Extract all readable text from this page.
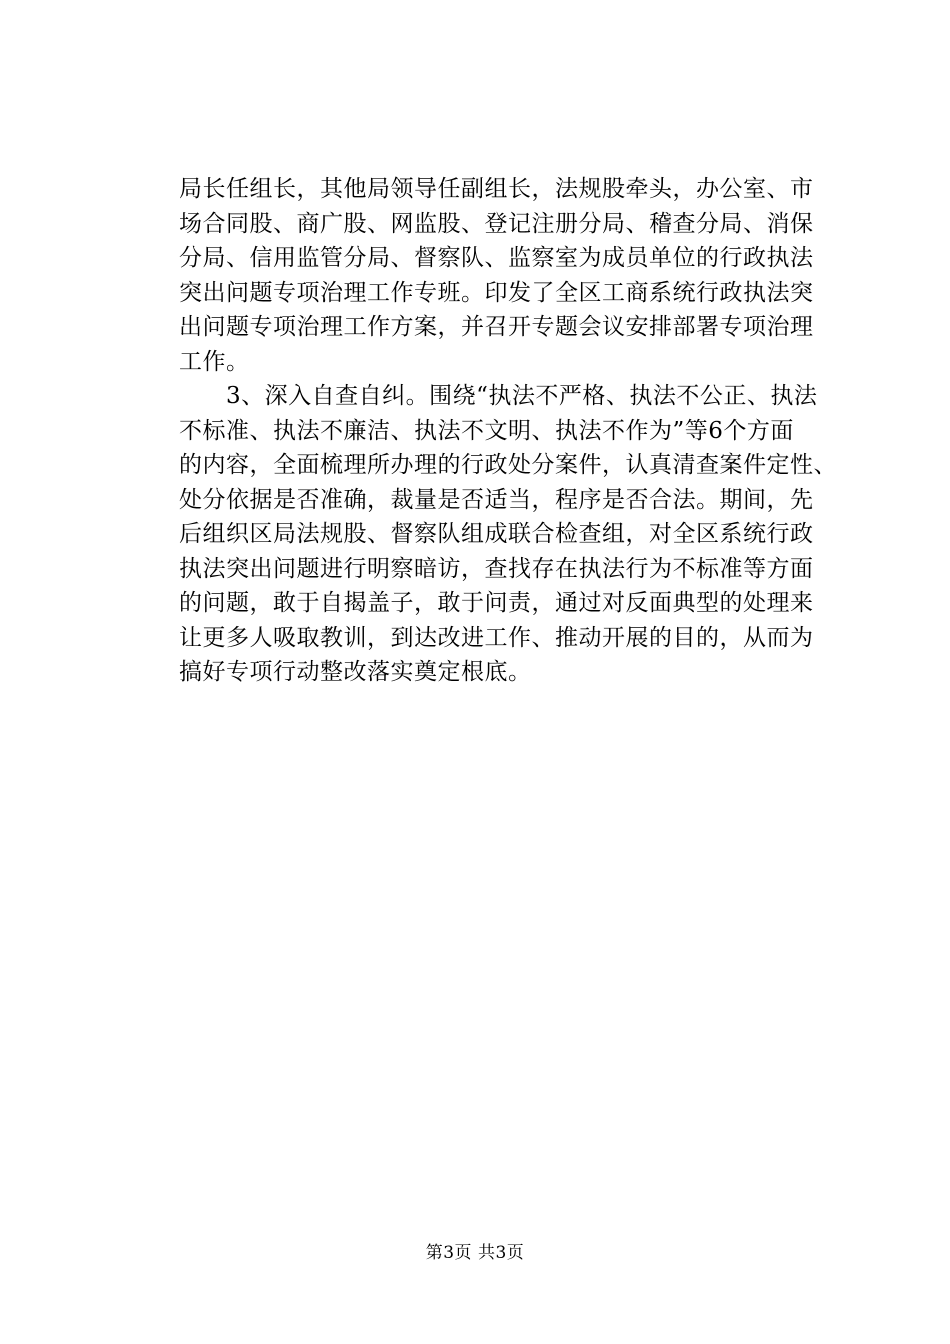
局长任组长，其他局领导任副组长，法规股牵头，办公室、市
场合同股、商广股、网监股、登记注册分局、稽查分局、消保
分局、信用监管分局、督察队、监察室为成员单位的行政执法
突出问题专项治理工作专班。印发了全区工商系统行政执法突
出问题专项治理工作方案，并召开专题会议安排部署专项治理
工作。
　　3、深入自查自纠。围绕“执法不严格、执法不公正、执法
不标准、执法不廉洁、执法不文明、执法不作为”等6个方面
的内容，全面梳理所办理的行政处分案件，认真清查案件定性、
处分依据是否准确，裁量是否适当，程序是否合法。期间，先
后组织区局法规股、督察队组成联合检查组，对全区系统行政
执法突出问题进行明察暗访，查找存在执法行为不标准等方面
的问题，敢于自揭盖子，敢于问责，通过对反面典型的处理来
让更多人吸取教训，到达改进工作、推动开展的目的，从而为
搞好专项行动整改落实奠定根底。
第3页 共3页
